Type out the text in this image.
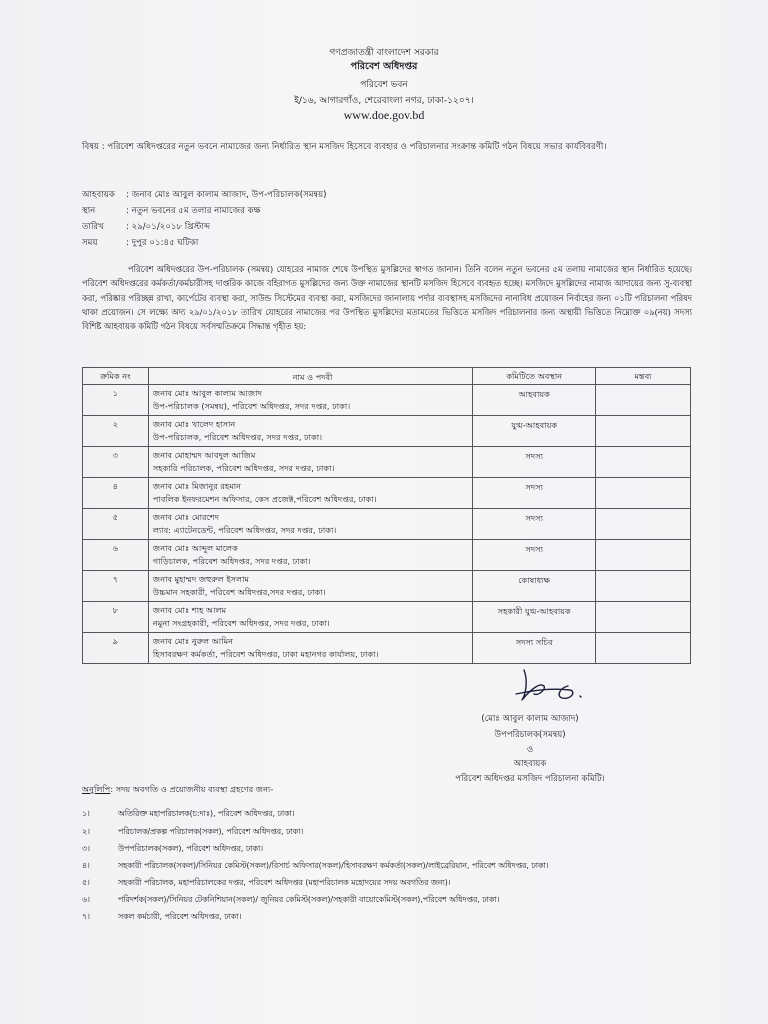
গণপ্রজাতন্ত্রী বাংলাদেশ সরকার
পরিবেশ অধিদপ্তর
পরিবেশ ভবন
ই/১৬, আগারগাঁও, শেরেবাংলা নগর, ঢাকা-১২০৭।
www.doe.gov.bd
বিষয় : পরিবেশ অধিদপ্তরের নতুন ভবনে নামাজের জন্য নির্ধারিত স্থান মসজিদ হিসেবে ব্যবহার ও পরিচালনার সংক্রান্ত কমিটি গঠন বিষয়ে সভার কার্যবিবরণী।
আহবায়ক : জনাব মোঃ আবুল কালাম আজাদ, উপ-পরিচালক(সমন্বয়)
স্থান	: নতুন ভবনের ৫ম তলার নামাজের কক্ষ
তারিখ	: ২৯/০১/২০১৮ খ্রিস্টাব্দ
সময়	: দুপুর ০১:৪৫ ঘটিকা
পরিবেশ অধিদপ্তরের উপ-পরিচালক (সমন্বয়) যোহরের নামাজ শেষে উপস্থিত মুসল্লিদের স্বাগত জানান। তিনি বলেন নতুন ভবনের ৫ম তলায় নামাজের স্থান নির্ধারিত হয়েছে। পরিবেশ অধিদপ্তরের কর্মকর্তা/কর্মচারীসহ দাপ্তরিক কাজে বহিরাগত মুসল্লিদের জন্য উক্ত নামাজের স্থানটি মসজিদ হিসেবে ব্যবহৃত হচ্ছে। মসজিদে মুসল্লিদের নামাজ আদায়ের জন্য সু-ব্যবস্থা করা, পরিষ্কার পরিচ্ছন্ন রাখা, কার্পেটের ব্যবস্থা করা, সাউন্ড সিস্টেমের ব্যবস্থা করা, মসজিদের জানালায় পর্দার ব্যবস্থাসহ মসজিদের নানাবিধ প্রয়োজন নির্বাহের জন্য ০১টি পরিচালনা পরিষদ থাকা প্রয়োজন। সে লক্ষ্যে অদ্য ২৯/০১/২০১৮ তারিখ যোহরের নামাজের পর উপস্থিত মুসল্লিদের মতামতের ভিত্তিতে মসজিদ পরিচালনার জন্য অস্থায়ী ভিত্তিতে নিম্নোক্ত ০৯(নয়) সদস্য বিশিষ্ট আহবায়ক কমিটি গঠন বিষয়ে সর্বসম্মতিক্রমে সিদ্ধান্ত গৃহীত হয়:
ক্রমিক নং	নাম ও পদবী	কমিটিতে অবস্থান	মন্তব্য
১	জনাব মোঃ আবুল কালাম আজাদ
উপ-পরিচালক (সমন্বয়), পরিবেশ অধিদপ্তর, সদর দপ্তর, ঢাকা।	আহবায়ক	
২	জনাব মোঃ খালেদ হাসান
উপ-পরিচালক, পরিবেশ অধিদপ্তর, সদর দপ্তর, ঢাকা।	যুগ্ম-আহবায়ক	
৩	জনাব মোহাম্মদ আবদুল আজিম
সহকারি পরিচালক, পরিবেশ অধিদপ্তর, সদর দপ্তর, ঢাকা।	সদস্য	
৪	জনাব মোঃ মিজানুর রহমান
পাবলিক ইনফরমেশন অফিসার, কেস প্রজেক্ট,পরিবেশ অধিদপ্তর, ঢাকা।	সদস্য	
৫	জনাব মোঃ মোরশেদ
ল্যাব: এ্যাটেনডেন্ট, পরিবেশ অধিদপ্তর, সদর দপ্তর, ঢাকা।	সদস্য	
৬	জনাব মোঃ আব্দুল মালেক
গাড়িচালক, পরিবেশ অধিদপ্তর, সদর দপ্তর, ঢাকা।	সদস্য	
৭	জনাব মুহাম্মদ জহুরুল ইসলাম
উচ্চমান সহকারী, পরিবেশ অধিদপ্তর,সদর দপ্তর, ঢাকা।	কোষাধ্যক্ষ	
৮	জনাব মোঃ শাহ আলম
নমুনা সংগ্রহকারী, পরিবেশ অধিদপ্তর, সদর দপ্তর, ঢাকা।	সহকারী যুগ্ম-আহবায়ক	
৯	জনাব মোঃ নুরুল আমিন
হিসাবরক্ষণ কর্মকর্তা, পরিবেশ অধিদপ্তর, ঢাকা মহানগর কার্যালয়, ঢাকা।	সদস্য সচিব	
(মোঃ আবুল কালাম আজাদ)
উপপরিচালক(সমন্বয়)
ও
আহবায়ক
পরিবেশ অধিদপ্তর মসজিদ পরিচালনা কমিটি।
অনুলিপি: সদয় অবগতি ও প্রয়োজনীয় ব্যবস্থা গ্রহণের জন্য-
১।	অতিরিক্ত মহাপরিচালক(চ:দাঃ), পরিবেশ অধিদপ্তর, ঢাকা।
২।	পরিচালক/প্রকল্প পরিচালক(সকল), পরিবেশ অধিদপ্তর, ঢাকা।
৩।	উপপরিচালক(সকল), পরিবেশ অধিদপ্তর, ঢাকা।
৪।	সহকারী পরিচালক(সকল)/সিনিয়র কেমিস্ট(সকল)/রিসার্চ অফিসার(সকল)/হিসাবরক্ষণ কর্মকর্তা(সকল)/লাইব্রেরিয়ান, পরিবেশ অধিদপ্তর, ঢাকা।
৫।	সহকারী পরিচালক, মহাপরিচালকের দপ্তর, পরিবেশ অধিদপ্তর (মহাপরিচালক মহোদয়ের সদয় অবগতির জন্য)।
৬।	পরিদর্শক(সকল)/সিনিয়র টেকনিশিয়ান(সকল)/ জুনিয়র কেমিস্ট(সকল)/সহকারী বায়োকেমিস্ট(সকল),পরিবেশ অধিদপ্তর, ঢাকা।
৭।	সকল কর্মচারী, পরিবেশ অধিদপ্তর, ঢাকা।
